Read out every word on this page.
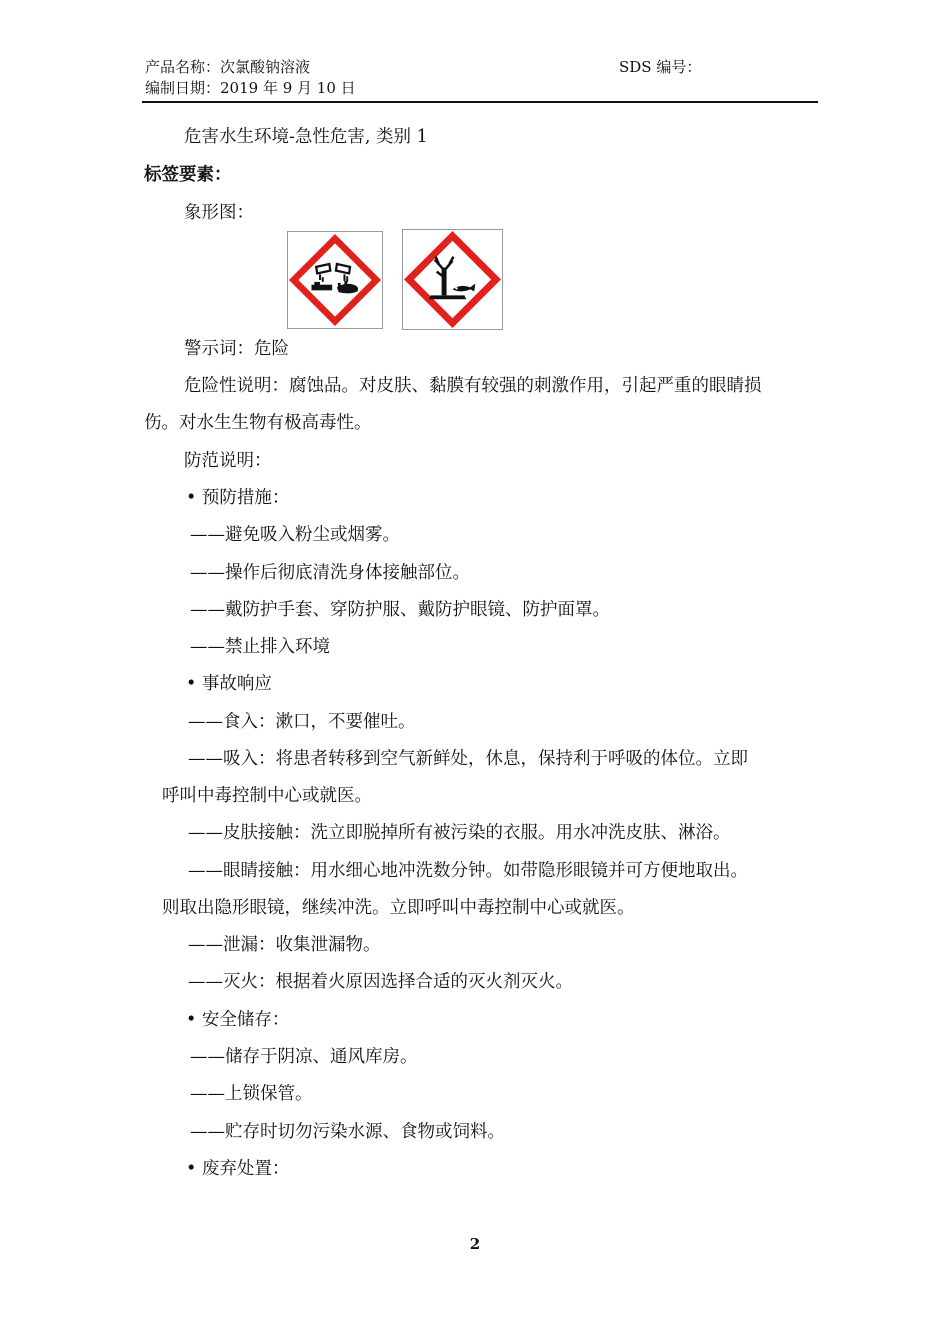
产品名称：次氯酸钠溶液	SDS 编号：
编制日期：2019 年 9 月 10 日
危害水生环境-急性危害, 类别 1
标签要素：
象形图：
警示词：危险
危险性说明：腐蚀品。对皮肤、黏膜有较强的刺激作用，引起严重的眼睛损
伤。对水生生物有极高毒性。
防范说明：
• 预防措施：
——避免吸入粉尘或烟雾。
——操作后彻底清洗身体接触部位。
——戴防护手套、穿防护服、戴防护眼镜、防护面罩。
——禁止排入环境
• 事故响应
——食入：漱口，不要催吐。
——吸入：将患者转移到空气新鲜处，休息，保持利于呼吸的体位。立即
呼叫中毒控制中心或就医。
——皮肤接触：洗立即脱掉所有被污染的衣服。用水冲洗皮肤、淋浴。
——眼睛接触：用水细心地冲洗数分钟。如带隐形眼镜并可方便地取出。
则取出隐形眼镜，继续冲洗。立即呼叫中毒控制中心或就医。
——泄漏：收集泄漏物。
——灭火：根据着火原因选择合适的灭火剂灭火。
• 安全储存：
——储存于阴凉、通风库房。
——上锁保管。
——贮存时切勿污染水源、食物或饲料。
• 废弃处置：
2
